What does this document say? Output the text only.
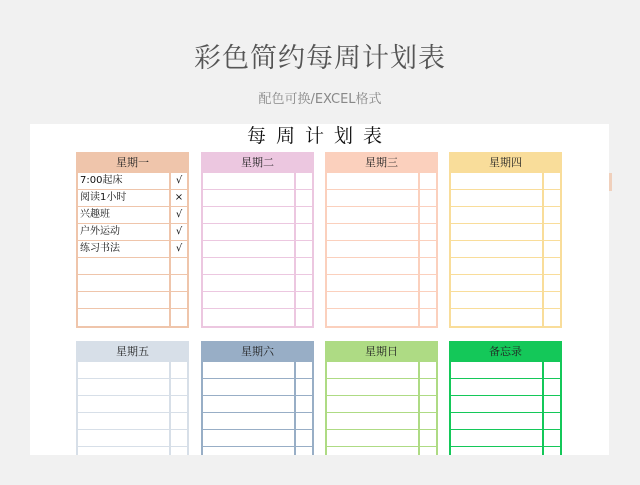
彩色简约每周计划表
配色可换/EXCEL格式
每周计划表
星期一
7:00起床	√
阅读1小时	×
兴趣班	√
户外运动	√
练习书法	√
星期二	星期三	星期四
星期五	星期六	星期日	备忘录
